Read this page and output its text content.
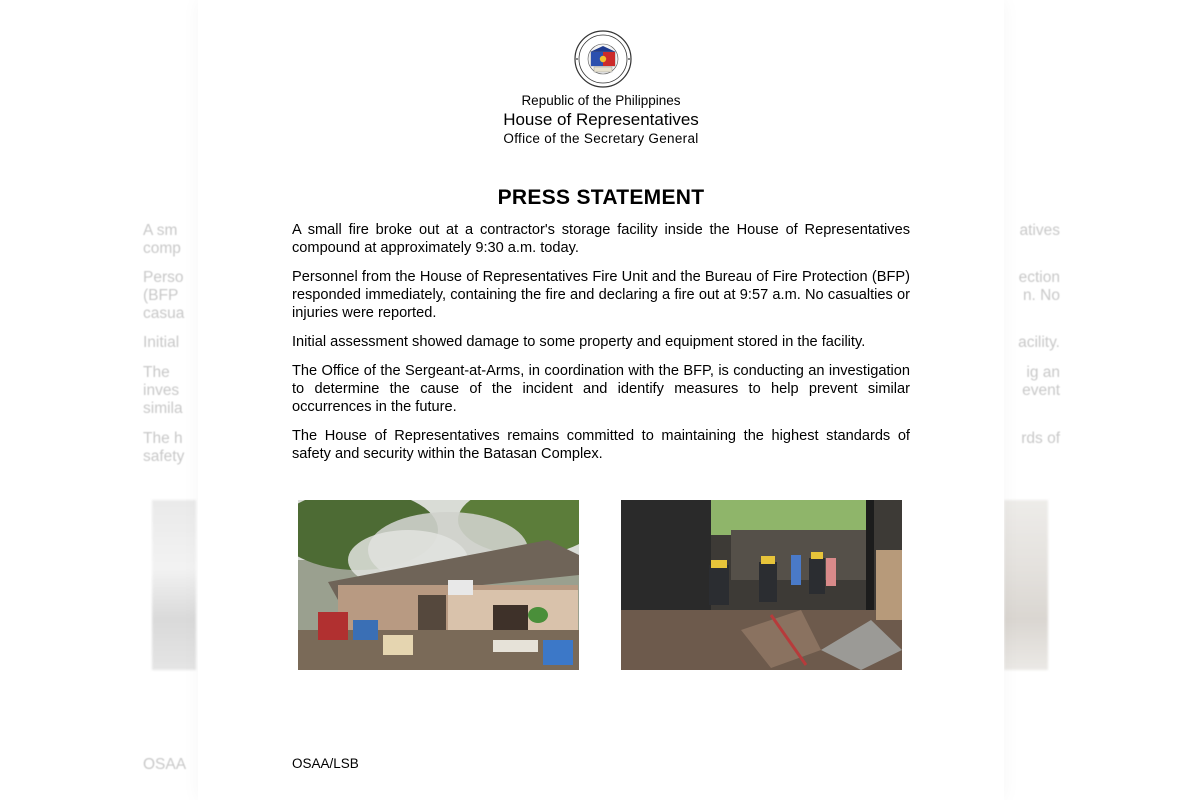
A sm
comp
Perso
(BFP
casua
Initial
The
inves
simila
The h
safety
OSAA
atives
ection
n. No
acility.
ig an
event
rds of
Republic of the Philippines
House of Representatives
Office of the Secretary General
PRESS STATEMENT

A small fire broke out at a contractor's storage facility inside the House of Representatives compound at approximately 9:30 a.m. today.

Personnel from the House of Representatives Fire Unit and the Bureau of Fire Protection (BFP) responded immediately, containing the fire and declaring a fire out at 9:57 a.m. No casualties or injuries were reported.

Initial assessment showed damage to some property and equipment stored in the facility.

The Office of the Sergeant-at-Arms, in coordination with the BFP, is conducting an investigation to determine the cause of the incident and identify measures to help prevent similar occurrences in the future.

The House of Representatives remains committed to maintaining the highest standards of safety and security within the Batasan Complex.

OSAA/LSB
